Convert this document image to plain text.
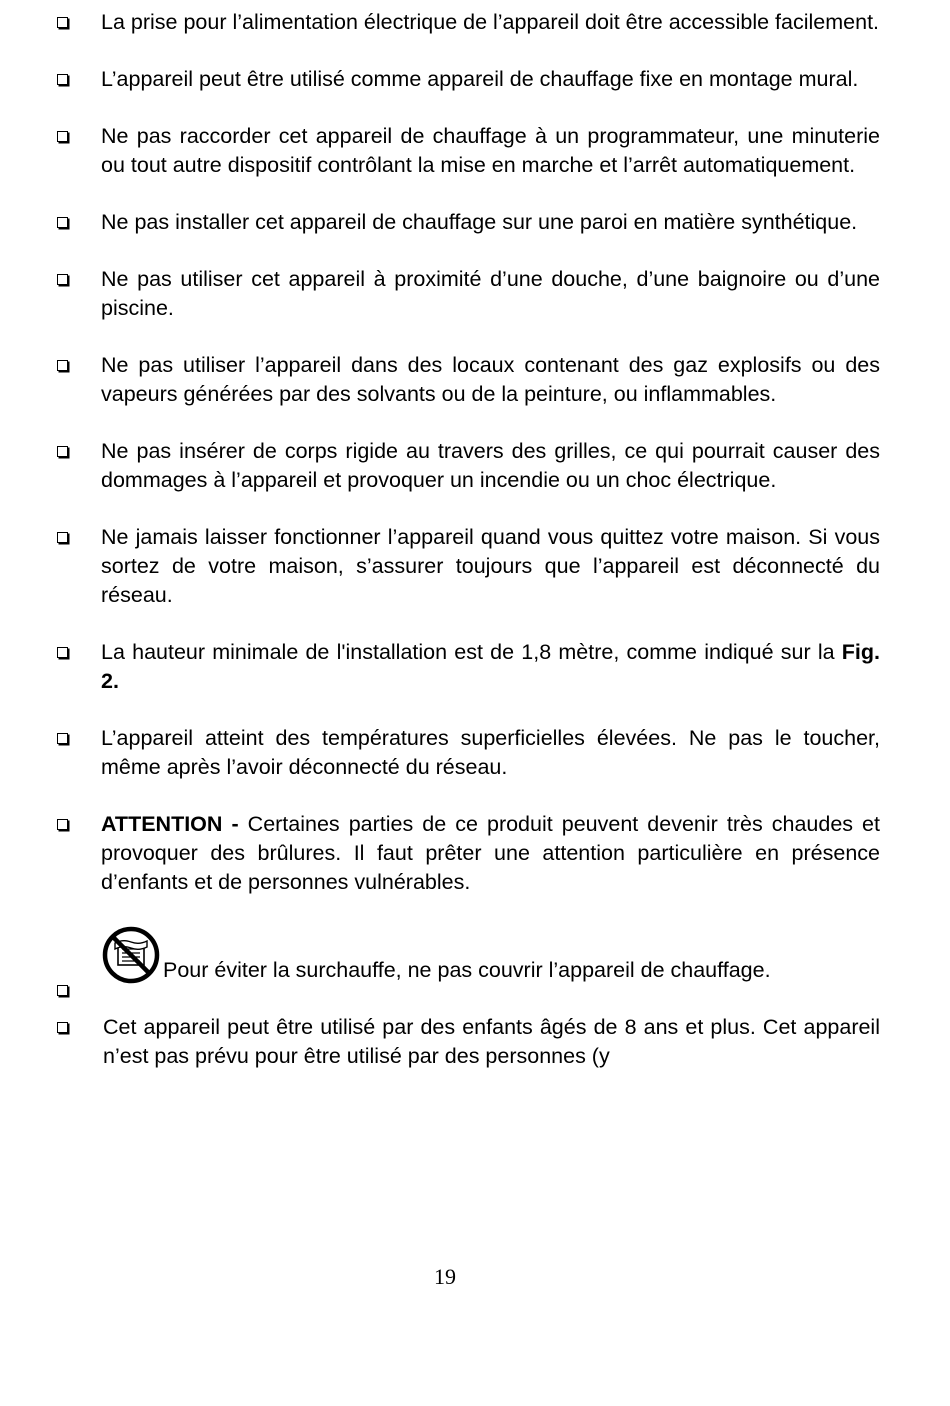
La prise pour l’alimentation électrique de l’appareil doit être accessible facilement.
L’appareil peut être utilisé comme appareil de chauffage fixe en montage mural.
Ne pas raccorder cet appareil de chauffage à un programmateur, une minuterie ou tout autre dispositif contrôlant la mise en marche et l’arrêt automatiquement.
Ne pas installer cet appareil de chauffage sur une paroi en matière synthétique.
Ne pas utiliser cet appareil à proximité d’une douche, d’une baignoire ou d’une piscine.
Ne pas utiliser l’appareil dans des locaux contenant des gaz explosifs ou des vapeurs générées par des solvants ou de la peinture, ou inflammables.
Ne pas insérer de corps rigide au travers des grilles, ce qui pourrait causer des dommages à l’appareil et provoquer un incendie ou un choc électrique.
Ne jamais laisser fonctionner l’appareil quand vous quittez votre maison. Si vous sortez de votre maison, s’assurer toujours que l’appareil est déconnecté du réseau.
La hauteur minimale de l'installation est de 1,8 mètre, comme indiqué sur la Fig. 2.
L’appareil atteint des températures superficielles élevées. Ne pas le toucher, même après l’avoir déconnecté du réseau.
ATTENTION - Certaines parties de ce produit peuvent devenir très chaudes et provoquer des brûlures. Il faut prêter une attention particulière en présence d’enfants et de personnes vulnérables.
Pour éviter la surchauffe, ne pas couvrir l’appareil de chauffage.
Cet appareil peut être utilisé par des enfants âgés de 8 ans et plus. Cet appareil n’est pas prévu pour être utilisé par des personnes (y
19
